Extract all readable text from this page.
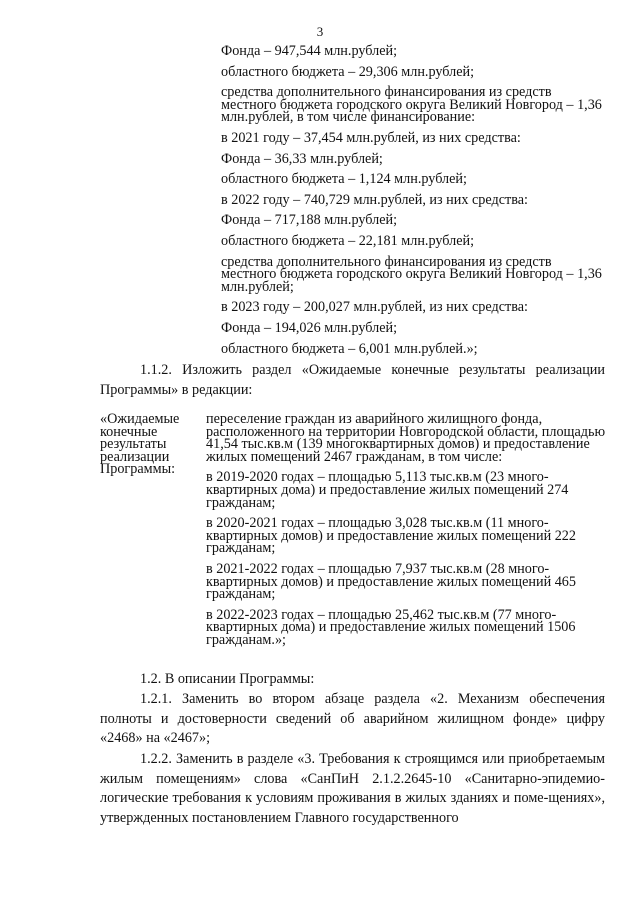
3

Фонда – 947,544 млн.рублей;

областного бюджета – 29,306 млн.рублей;

средства дополнительного финансирования из средств местного бюджета городского округа Великий Новгород – 1,36 млн.рублей, в том числе финансирование:

в 2021 году – 37,454 млн.рублей, из них средства:

Фонда – 36,33 млн.рублей;

областного бюджета – 1,124 млн.рублей;

в 2022 году – 740,729 млн.рублей, из них средства:

Фонда – 717,188 млн.рублей;

областного бюджета – 22,181 млн.рублей;

средства дополнительного финансирования из средств местного бюджета городского округа Великий Новгород – 1,36 млн.рублей;

в 2023 году – 200,027 млн.рублей, из них средства:

Фонда – 194,026 млн.рублей;

областного бюджета – 6,001 млн.рублей.»;

1.1.2. Изложить раздел «Ожидаемые конечные результаты реализации Программы» в редакции:

«Ожидаемые
конечные
результаты
реализации
Программы:

переселение граждан из аварийного жилищного фонда, расположенного на территории Новгородской области, площадью 41,54 тыс.кв.м (139 многоквартирных домов) и предоставление жилых помещений 2467 гражданам, в том числе:

в 2019-2020 годах – площадью 5,113 тыс.кв.м (23 много-квартирных дома) и предоставление жилых помещений 274 гражданам;

в 2020-2021 годах – площадью 3,028 тыс.кв.м (11 много-квартирных домов) и предоставление жилых помещений 222 гражданам;

в 2021-2022 годах – площадью 7,937 тыс.кв.м (28 много-квартирных домов) и предоставление жилых помещений 465 гражданам;

в 2022-2023 годах – площадью 25,462 тыс.кв.м (77 много-квартирных дома) и предоставление жилых помещений 1506 гражданам.»;

1.2. В описании Программы:

1.2.1. Заменить во втором абзаце раздела «2. Механизм обеспечения полноты и достоверности сведений об аварийном жилищном фонде» цифру «2468» на «2467»;

1.2.2. Заменить в разделе «3. Требования к строящимся или приобретаемым жилым помещениям» слова «СанПиН 2.1.2.2645-10 «Санитарно-эпидемио-логические требования к условиям проживания в жилых зданиях и поме-щениях», утвержденных постановлением Главного государственного
